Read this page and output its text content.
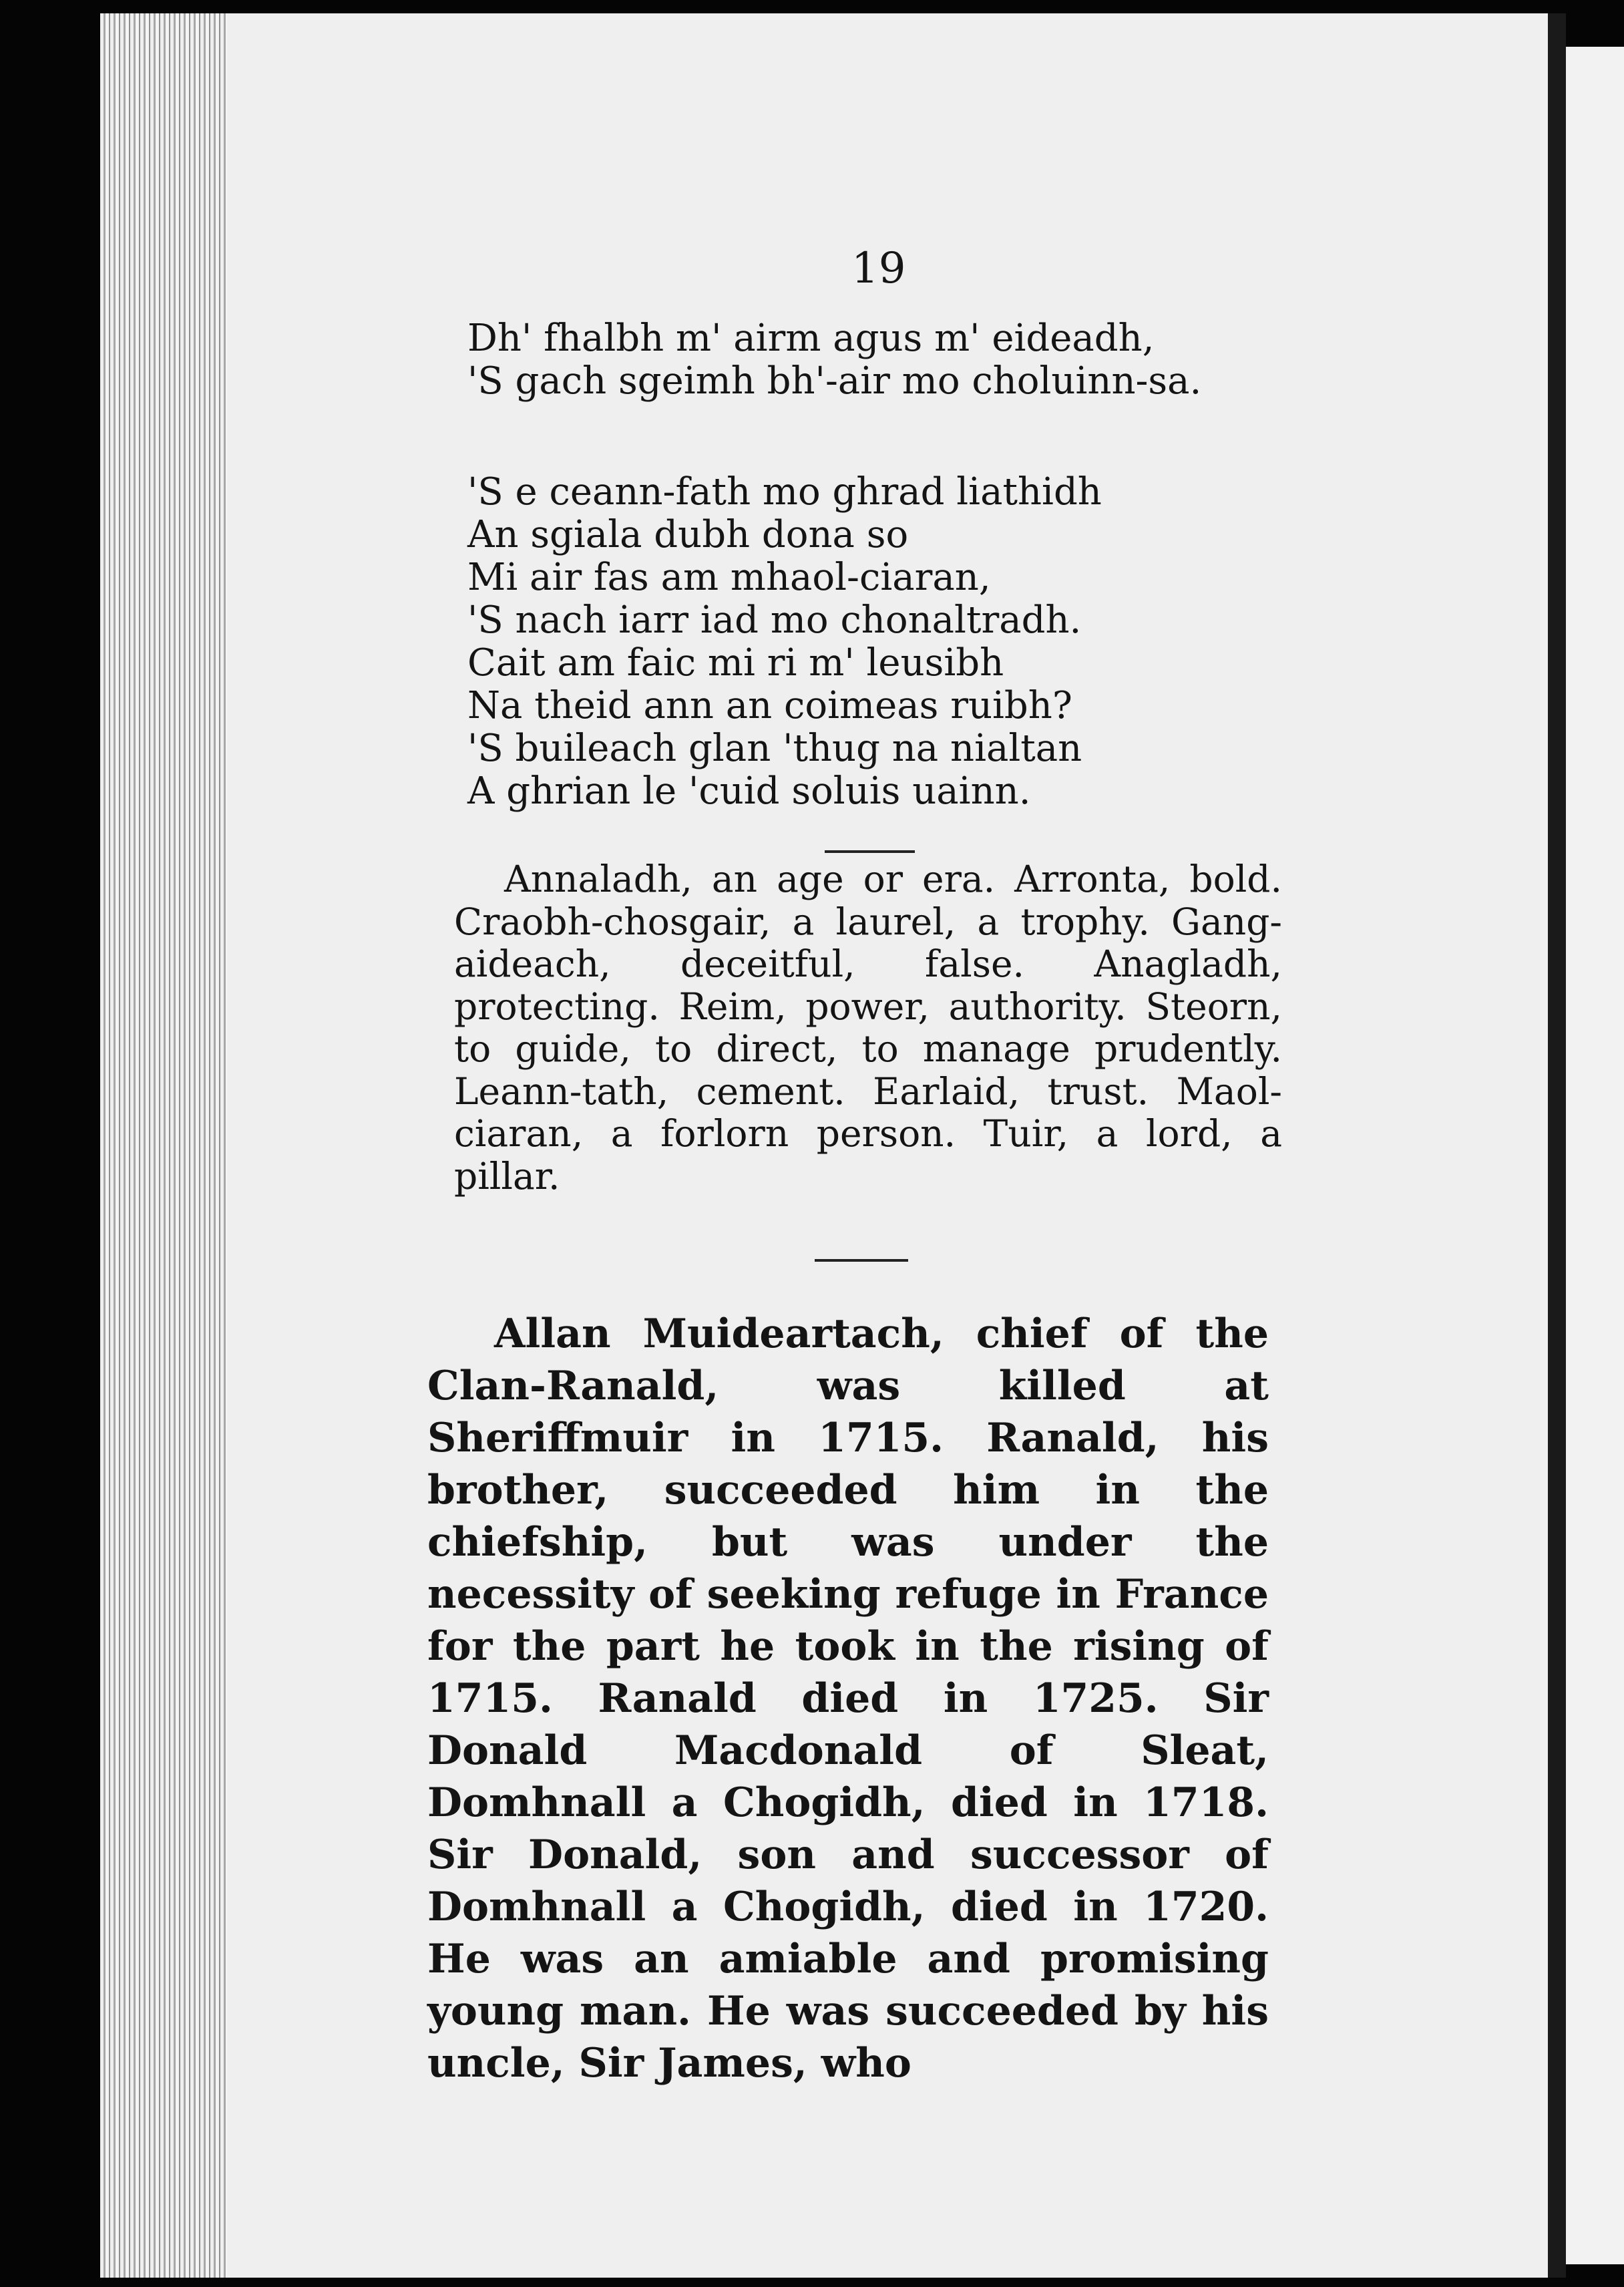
19

Dh' fhalbh m' airm agus m' eideadh,
'S gach sgeimh bh'-air mo choluinn-sa.
'S e ceann-fath mo ghrad liathidh
An sgiala dubh dona so
Mi air fas am mhaol-ciaran,
'S nach iarr iad mo chonaltradh.
Cait am faic mi ri m' leusibh
Na theid ann an coimeas ruibh?
'S buileach glan 'thug na nialtan
A ghrian le 'cuid soluis uainn.

Annaladh, an age or era. Arronta, bold. Craobh-chosgair, a laurel, a trophy. Gang-aideach, deceitful, false. Anagladh, protecting. Reim, power, authority. Steorn, to guide, to direct, to manage prudently. Leann-tath, cement. Earlaid, trust. Maol-ciaran, a forlorn person. Tuir, a lord, a pillar.

Allan Muideartach, chief of the Clan-Ranald, was killed at Sheriffmuir in 1715. Ranald, his brother, succeeded him in the chiefship, but was under the necessity of seeking refuge in France for the part he took in the rising of 1715. Ranald died in 1725. Sir Donald Macdonald of Sleat, Domhnall a Chogidh, died in 1718. Sir Donald, son and successor of Domhnall a Chogidh, died in 1720. He was an amiable and promising young man. He was succeeded by his uncle, Sir James, who
